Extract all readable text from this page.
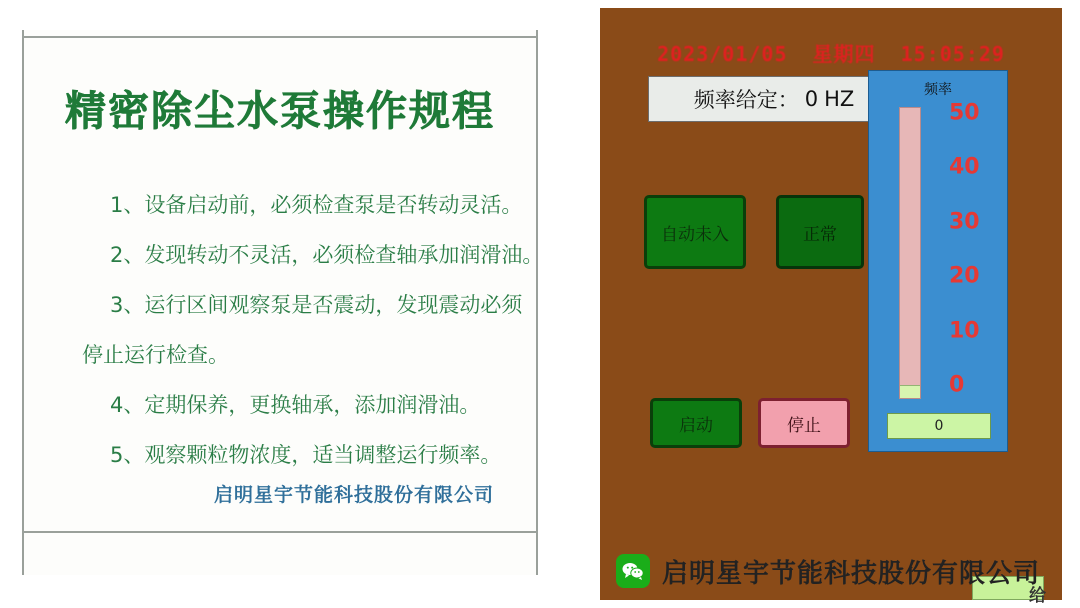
精密除尘水泵操作规程
1、设备启动前，必须检查泵是否转动灵活。
2、发现转动不灵活，必须检查轴承加润滑油。
3、运行区间观察泵是否震动，发现震动必须
停止运行检查。
4、定期保养，更换轴承，添加润滑油。
5、观察颗粒物浓度，适当调整运行频率。
启明星宇节能科技股份有限公司
2023/01/05 星期四 15:05:29
频率给定： 0 HZ
自动未入	正常
启动	停止
频率
50
40
30
20
10
0
0
启明星宇节能科技股份有限公司
给
